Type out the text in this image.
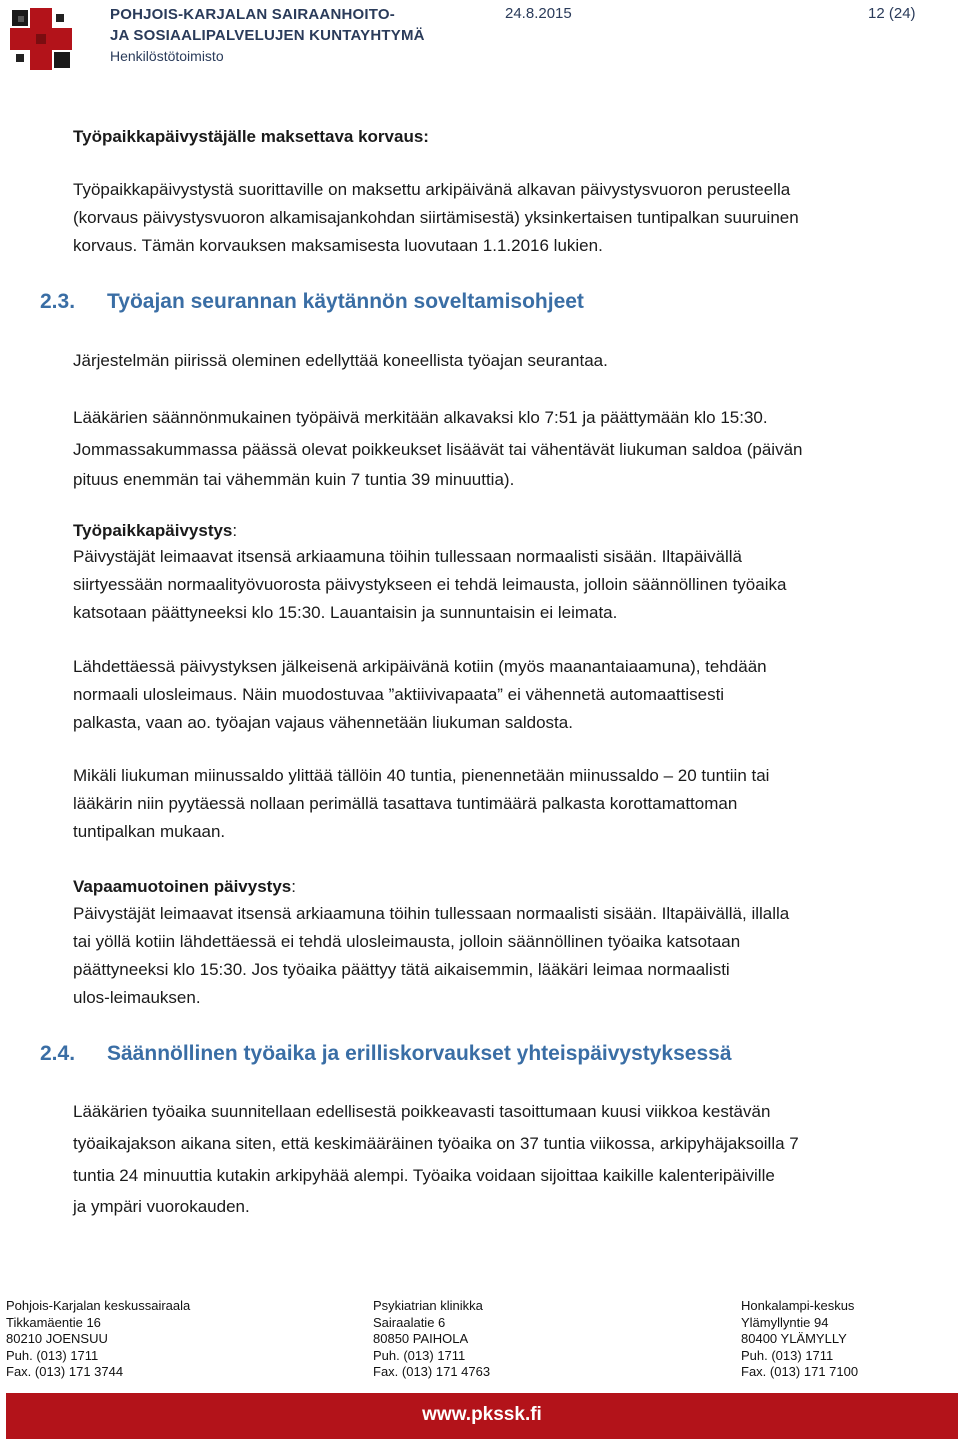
POHJOIS-KARJALAN SAIRAANHOITO-
JA SOSIAALIPALVELUJEN KUNTAYHTYMÄ
Henkilöstötoimisto
24.8.2015	12 (24)
Työpaikkapäivystäjälle maksettava korvaus:
Työpaikkapäivystystä suorittaville on maksettu arkipäivänä alkavan päivystysvuoron perusteella
(korvaus päivystysvuoron alkamisajankohdan siirtämisestä) yksinkertaisen tuntipalkan suuruinen
korvaus. Tämän korvauksen maksamisesta luovutaan 1.1.2016 lukien.
2.3. Työajan seurannan käytännön soveltamisohjeet
Järjestelmän piirissä oleminen edellyttää koneellista työajan seurantaa.
Lääkärien säännönmukainen työpäivä merkitään alkavaksi klo 7:51 ja päättymään klo 15:30.
Jommassakummassa päässä olevat poikkeukset lisäävät tai vähentävät liukuman saldoa (päivän
pituus enemmän tai vähemmän kuin 7 tuntia 39 minuuttia).
Työpaikkapäivystys:
Päivystäjät leimaavat itsensä arkiaamuna töihin tullessaan normaalisti sisään. Iltapäivällä
siirtyessään normaalityövuorosta päivystykseen ei tehdä leimausta, jolloin säännöllinen työaika
katsotaan päättyneeksi klo 15:30. Lauantaisin ja sunnuntaisin ei leimata.
Lähdettäessä päivystyksen jälkeisenä arkipäivänä kotiin (myös maanantaiaamuna), tehdään
normaali ulosleimaus. Näin muodostuvaa ”aktiivivapaata” ei vähennetä automaattisesti
palkasta, vaan ao. työajan vajaus vähennetään liukuman saldosta.
Mikäli liukuman miinussaldo ylittää tällöin 40 tuntia, pienennetään miinussaldo – 20 tuntiin tai
lääkärin niin pyytäessä nollaan perimällä tasattava tuntimäärä palkasta korottamattoman
tuntipalkan mukaan.
Vapaamuotoinen päivystys:
Päivystäjät leimaavat itsensä arkiaamuna töihin tullessaan normaalisti sisään. Iltapäivällä, illalla
tai yöllä kotiin lähdettäessä ei tehdä ulosleimausta, jolloin säännöllinen työaika katsotaan
päättyneeksi klo 15:30. Jos työaika päättyy tätä aikaisemmin, lääkäri leimaa normaalisti
ulos-leimauksen.
2.4. Säännöllinen työaika ja erilliskorvaukset yhteispäivystyksessä
Lääkärien työaika suunnitellaan edellisestä poikkeavasti tasoittumaan kuusi viikkoa kestävän
työaikajakson aikana siten, että keskimääräinen työaika on 37 tuntia viikossa, arkipyhäjaksoilla 7
tuntia 24 minuuttia kutakin arkipyhää alempi. Työaika voidaan sijoittaa kaikille kalenteripäiville
ja ympäri vuorokauden.
Pohjois-Karjalan keskussairaala
Tikkamäentie 16
80210 JOENSUU
Puh. (013) 1711
Fax. (013) 171 3744
Psykiatrian klinikka
Sairaalatie 6
80850 PAIHOLA
Puh. (013) 1711
Fax. (013) 171 4763
Honkalampi-keskus
Ylämyllyntie 94
80400 YLÄMYLLY
Puh. (013) 1711
Fax. (013) 171 7100
www.pkssk.fi
